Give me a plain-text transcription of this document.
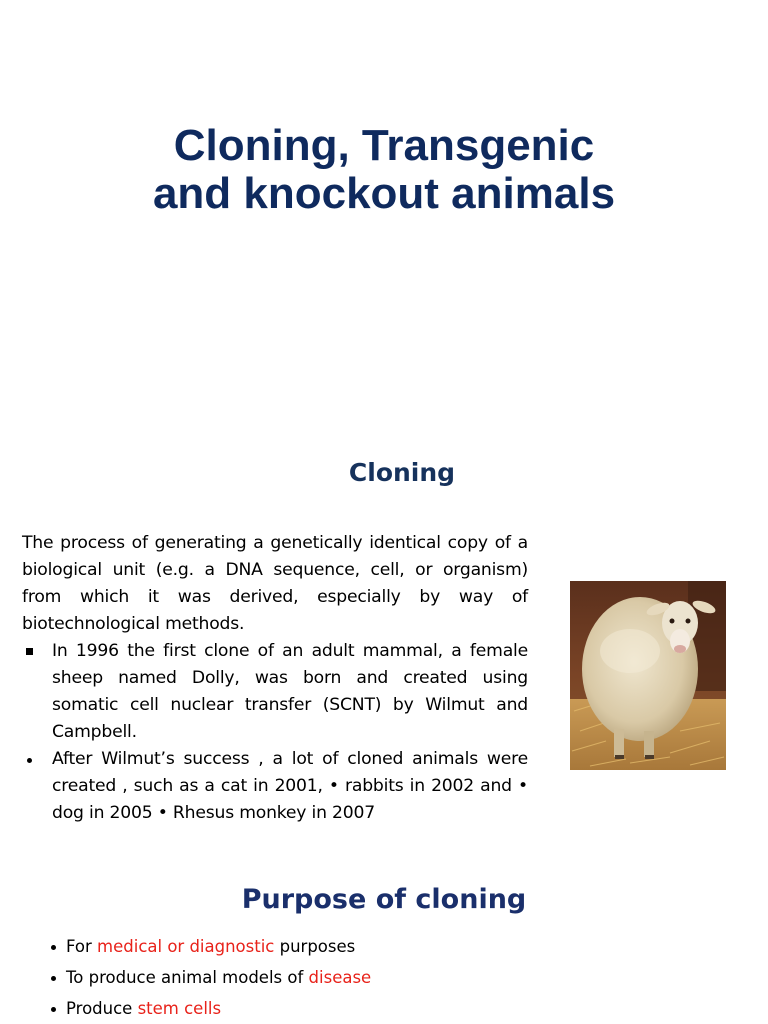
Cloning, Transgenic
and knockout animals
Cloning

The process of generating a genetically identical copy of a biological unit (e.g. a DNA sequence, cell, or organism) from which it was derived, especially by way of biotechnological methods.

In 1996 the first clone of an adult mammal, a female sheep named Dolly, was born and created using somatic cell nuclear transfer (SCNT) by Wilmut and Campbell.
After Wilmut’s success , a lot of cloned animals were created , such as a cat in 2001, • rabbits in 2002 and • dog in 2005 • Rhesus monkey in 2007
Purpose of cloning
For medical or diagnostic purposes
To produce animal models of disease
Produce stem cells
